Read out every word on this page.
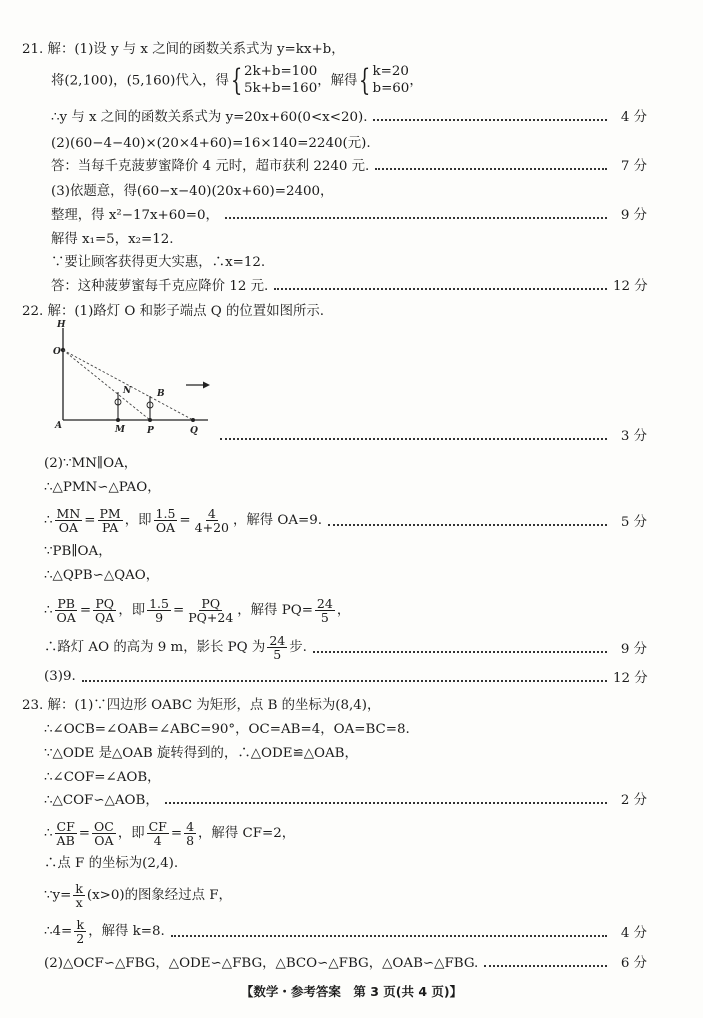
21. 解：(1)设 y 与 x 之间的函数关系式为 y=kx+b，
将(2,100)，(5,160)代入，得 { 2k+b=100
5k+b=160 ，解得 { k=20
b=60 ，
∴y 与 x 之间的函数关系式为 y=20x+60(0<x<20).	4 分
(2)(60−4−40)×(20×4+60)=16×140=2240(元).
答：当每千克菠萝蜜降价 4 元时，超市获利 2240 元.	7 分
(3)依题意，得(60−x−40)(20x+60)=2400，
整理，得 x²−17x+60=0，	9 分
解得 x₁=5，x₂=12.
∵要让顾客获得更大实惠，∴x=12.
答：这种菠萝蜜每千克应降价 12 元.	12 分
22. 解：(1)路灯 O 和影子端点 Q 的位置如图所示.
H
O
A	M
N
P
B
Q	3 分
(2)∵MN∥OA，
∴△PMN∽△PAO，
∴ $\frac{MN}{OA} = \frac{PM}{PA}$ ，即 $\frac{1.5}{OA} = \frac{4}{4+20}$ ，解得 OA=9.	5 分
∵PB∥OA，
∴△QPB∽△QAO，
∴ $\frac{PB}{OA} = \frac{PQ}{QA}$ ，即 $\frac{1.5}{9} = \frac{PQ}{PQ+24}$ ，解得 $PQ= \frac{24}{5}$ ，
∴路灯 AO 的高为 9 m，影长 PQ 为 $\frac{24}{5}$ 步.	9 分
(3)9.	12 分
23. 解：(1)∵四边形 OABC 为矩形，点 B 的坐标为(8,4)，
∴∠OCB=∠OAB=∠ABC=90°，OC=AB=4，OA=BC=8.
∵△ODE 是△OAB 旋转得到的，∴△ODE≌△OAB，
∴∠COF=∠AOB，
∴△COF∽△AOB，	2 分
∴ $\frac{CF}{AB} = \frac{OC}{OA}$ ，即 $\frac{CF}{4} = \frac{4}{8}$ ，解得 CF=2，
∴点 F 的坐标为(2,4).
∵y= $\frac{k}{x} (x>0)$的图象经过点 F，
∴4= $\frac{k}{2}$ ，解得 k=8.	4 分
(2)△OCF∽△FBG，△ODE∽△FBG，△BCO∽△FBG，△OAB∽△FBG.	6 分
【数学・参考答案　第 3 页(共 4 页)】
